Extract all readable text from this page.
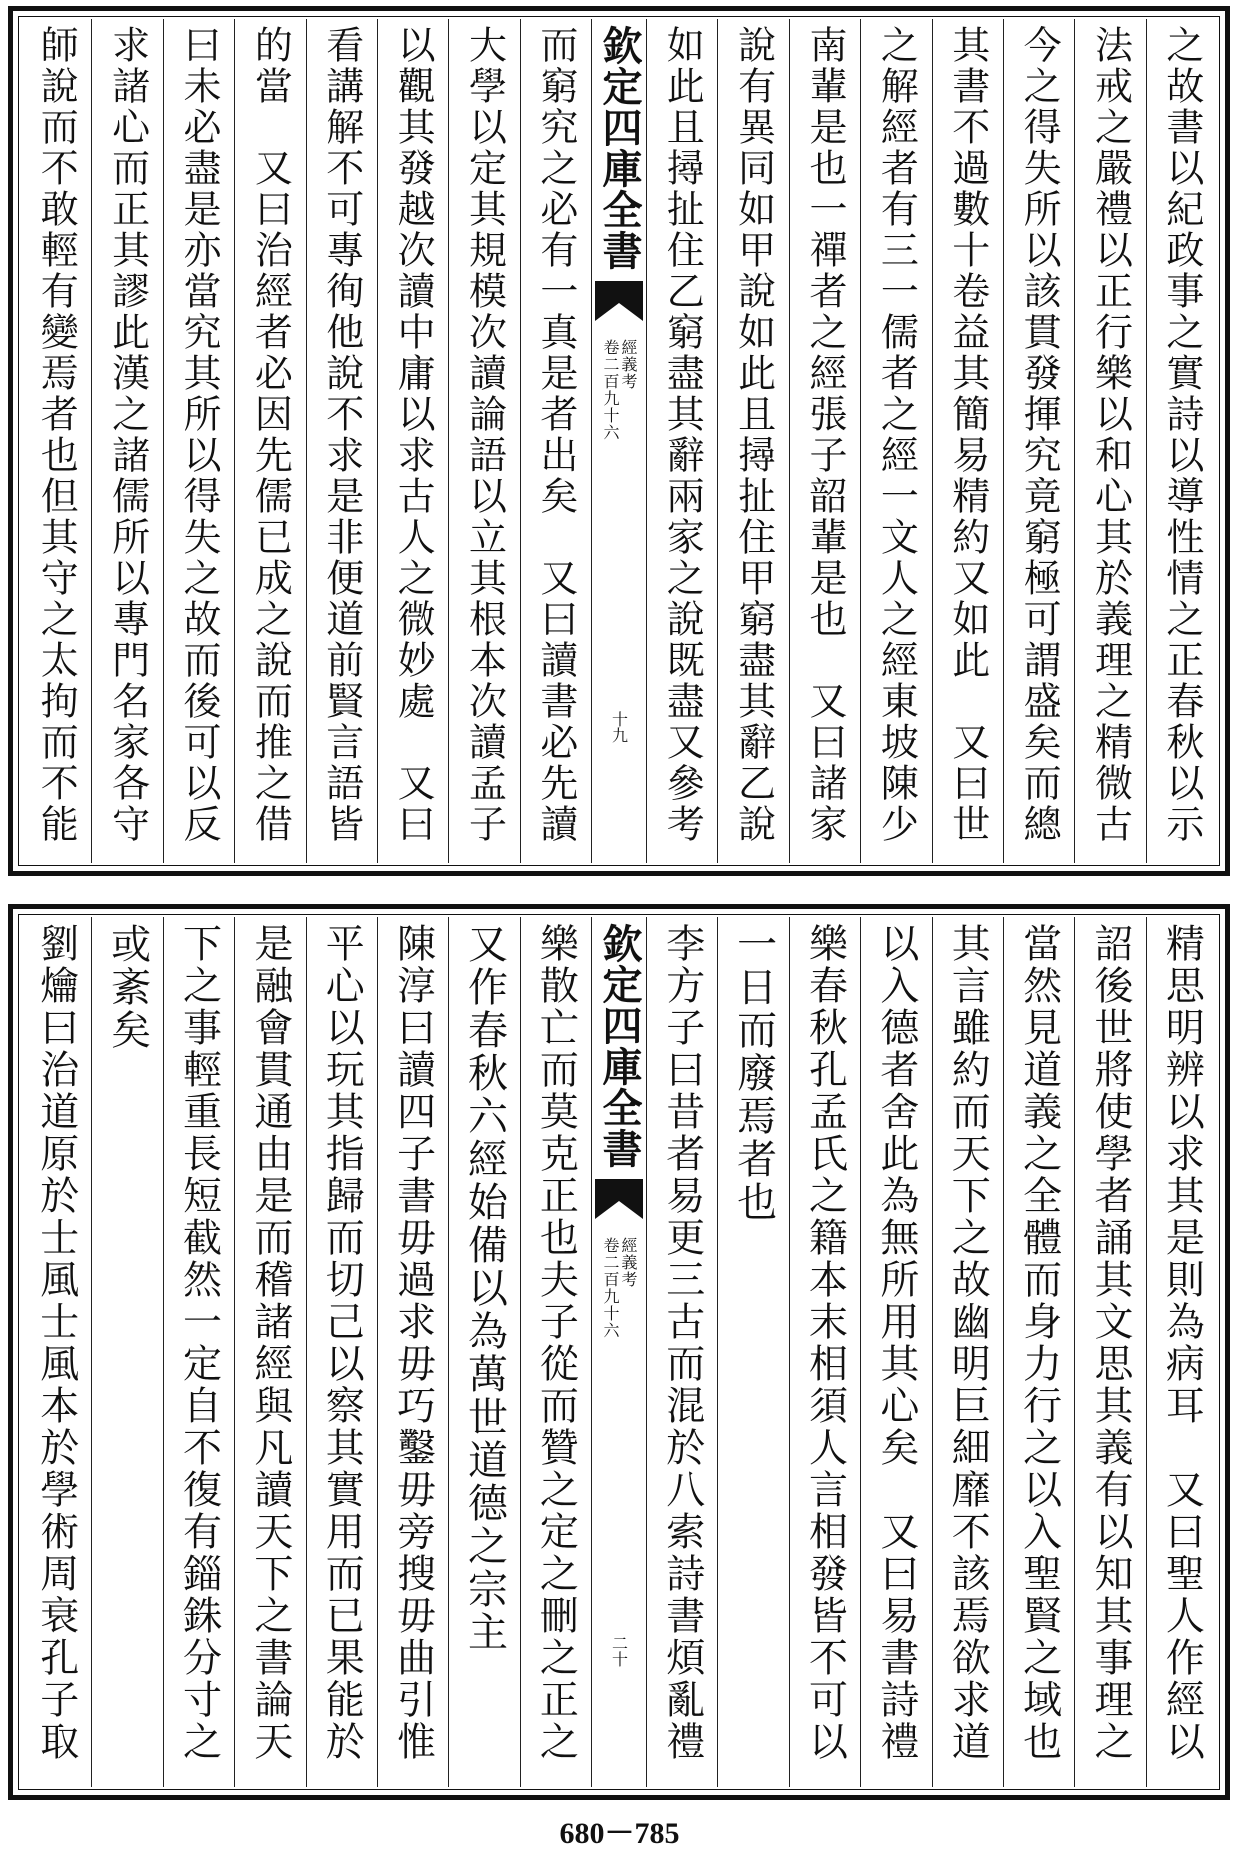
之故書以紀政事之實詩以導性情之正春秋以示
法戒之嚴禮以正行樂以和心其於義理之精微古
今之得失所以該貫發揮究竟窮極可謂盛矣而總
其書不過數十卷益其簡易精約又如此　又曰世
之解經者有三一儒者之經一文人之經東坡陳少
南輩是也一禪者之經張子韶輩是也　又曰諸家
說有異同如甲說如此且撏扯住甲窮盡其辭乙說
如此且撏扯住乙窮盡其辭兩家之說既盡又參考
欽定四庫全書
經義考
卷二百九十六
十九
而窮究之必有一真是者出矣　又曰讀書必先讀
大學以定其規模次讀論語以立其根本次讀孟子
以觀其發越次讀中庸以求古人之微妙處　又曰
看講解不可專徇他說不求是非便道前賢言語皆
的當　又曰治經者必因先儒已成之說而推之借
曰未必盡是亦當究其所以得失之故而後可以反
求諸心而正其謬此漢之諸儒所以專門名家各守
師說而不敢輕有變焉者也但其守之太拘而不能
精思明辨以求其是則為病耳　又曰聖人作經以
詔後世將使學者誦其文思其義有以知其事理之
當然見道義之全體而身力行之以入聖賢之域也
其言雖約而天下之故幽明巨細靡不該焉欲求道
以入德者舍此為無所用其心矣　又曰易書詩禮
樂春秋孔孟氏之籍本末相須人言相發皆不可以
一日而廢焉者也
李方子曰昔者易更三古而混於八索詩書煩亂禮
欽定四庫全書
經義考
卷二百九十六
二十
樂散亡而莫克正也夫子從而贊之定之刪之正之
又作春秋六經始備以為萬世道德之宗主
陳淳曰讀四子書毋過求毋巧鑿毋旁搜毋曲引惟
平心以玩其指歸而切己以察其實用而已果能於
是融會貫通由是而稽諸經與凡讀天下之書論天
下之事輕重長短截然一定自不復有錙銖分寸之
或紊矣
劉爚曰治道原於士風士風本於學術周衰孔子取
680－785
